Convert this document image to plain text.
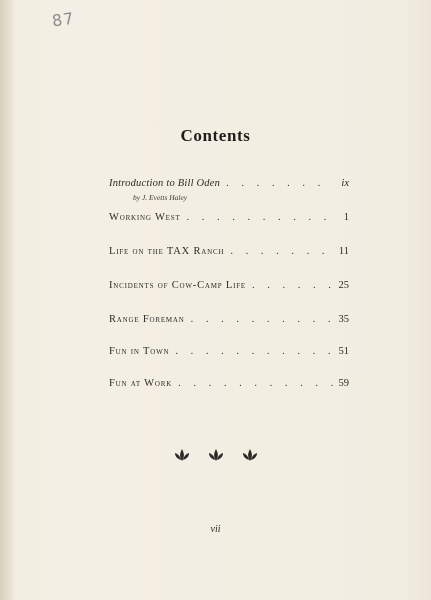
87
Contents
Introduction to Bill Oden . . .	ix
by J. Evetts Haley
Working West . . .	1
Life on the TAX Ranch . . .	11
Incidents of Cow-Camp Life . . .	25
Range Foreman . . .	35
Fun in Town . . .	51
Fun at Work . . .	59

vii
